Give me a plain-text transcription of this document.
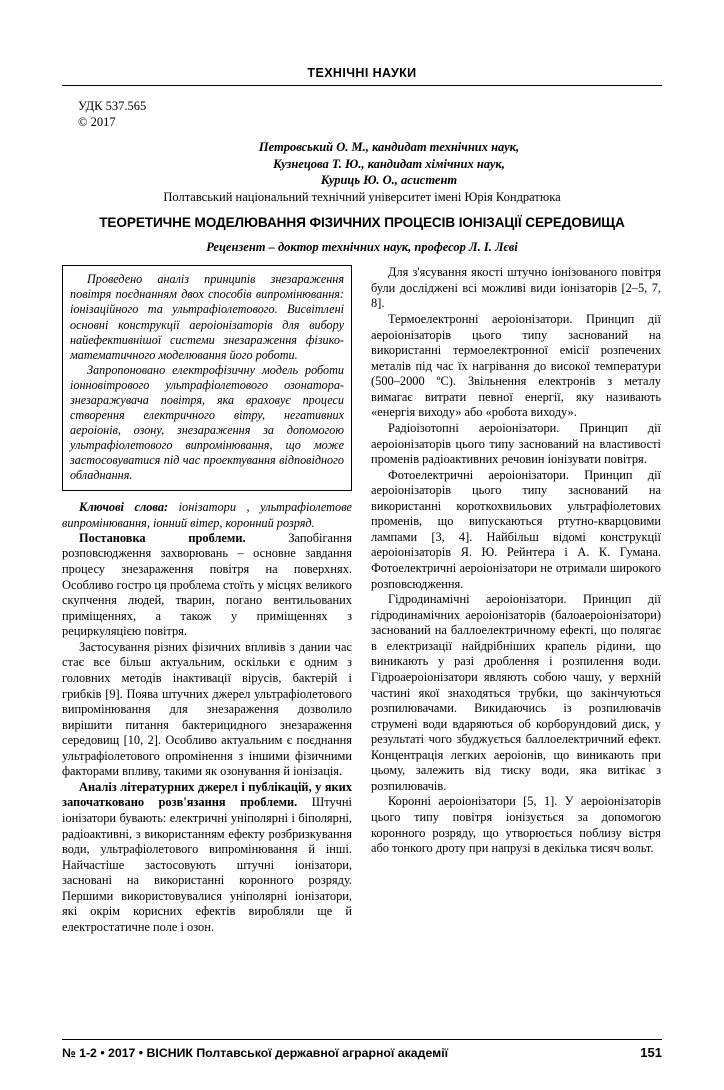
ТЕХНІЧНІ НАУКИ
УДК 537.565
© 2017
Петровський О. М., кандидат технічних наук,
Кузнецова Т. Ю., кандидат хімічних наук,
Куриць Ю. О., асистент
Полтавський національний технічний університет імені Юрія Кондратюка
ТЕОРЕТИЧНЕ МОДЕЛЮВАННЯ ФІЗИЧНИХ ПРОЦЕСІВ ІОНІЗАЦІЇ СЕРЕДОВИЩА
Рецензент – доктор технічних наук, професор Л. І. Лєві

Проведено аналіз принципів знезараження повітря поєднанням двох способів випромінювання: іонізаційного та ультрафіолетового. Висвітлені основні конструкції аероіонізаторів для вибору найефективнішої системи знезараження фізико-математичного моделювання його роботи.

Запропоновано електрофізичну модель роботи іонновітрового ультрафіолетового озонатора-знезаражувача повітря, яка враховує процеси створення електричного вітру, негативних аероіонів, озону, знезараження за допомогою ультрафіолетового випромінювання, що може застосовуватися під час проектування відповідного обладнання.

Ключові слова: іонізатори , ультрафіолетове випромінювання, іонний вітер, коронний розряд.

Постановка проблеми. Запобігання розповсюдження захворювань – основне завдання процесу знезараження повітря на поверхнях. Особливо гостро ця проблема стоїть у місцях великого скупчення людей, тварин, погано вентильованих приміщеннях, а також у приміщеннях з рециркуляцією повітря.

Застосування різних фізичних впливів з дании час стає все більш актуальним, оскільки є одним з головних методів інактивації вірусів, бактерій і грибків [9]. Поява штучних джерел ультрафіолетового випромінювання для знезараження дозволило вирішити питання бактерицидного знезараження середовищ [10, 2]. Особливо актуальним є поєднання ультрафіолетового опромінення з іншими фізичними факторами впливу, такими як озонування й іонізація.

Аналіз літературних джерел і публікацій, у яких започатковано розв'язання проблеми. Штучні іонізатори бувають: електричні уніполярні і біполярні, радіоактивні, з використанням ефекту розбризкування води, ультрафіолетового випромінювання й інші. Найчастіше застосовують штучні іонізатори, засновані на використанні коронного розряду. Першими використовувалися уніполярні іонізатори, які окрім корисних ефектів виробляли ще й електростатичне поле і озон.

Для з'ясування якості штучно іонізованого повітря були досліджені всі можливі види іонізаторів [2–5, 7, 8].

Термоелектронні аероіонізатори. Принцип дії аероіонізаторів цього типу заснований на використанні термоелектронної емісії розпечених металів під час їх нагрівання до високої температури (500–2000 ºС). Звільнення електронів з металу вимагає витрати певної енергії, яку називають «енергія виходу» або «робота виходу».

Радіоізотопні аероіонізатори. Принцип дії аероіонізаторів цього типу заснований на властивості променів радіоактивних речовин іонізувати повітря.

Фотоелектричні аероіонізатори. Принцип дії аероіонізаторів цього типу заснований на використанні короткохвильових ультрафіолетових променів, що випускаються ртутно-кварцовими лампами [3, 4]. Найбільш відомі конструкції аероіонізаторів Я. Ю. Рейнтера і А. К. Гумана. Фотоелектричні аероіонізатори не отримали широкого розповсюдження.

Гідродинамічні аероіонізатори. Принцип дії гідродинамічних аероіонізаторів (балоаероіонізатори) заснований на баллоелектричному ефекті, що полягає в електризації найдрібніших крапель рідини, що виникають у разі дроблення і розпилення води. Гідроаероіонізатори являють собою чашу, у верхній частині якої знаходяться трубки, що закінчуються розпилювачами. Викидаючись із розпилювачів струмені води вдаряються об корборундовий диск, у результаті чого збуджується баллоелектричний ефект. Концентрація легких аероіонів, що виникають при цьому, залежить від тиску води, яка витікає з розпилювачів.

Коронні аероіонізатори [5, 1]. У аероіонізаторів цього типу повітря іонізується за допомогою коронного розряду, що утворюється поблизу вістря або тонкого дроту при напрузі в декілька тисяч вольт.

№ 1-2 • 2017 • ВІСНИК Полтавської державної аграрної академії	151
